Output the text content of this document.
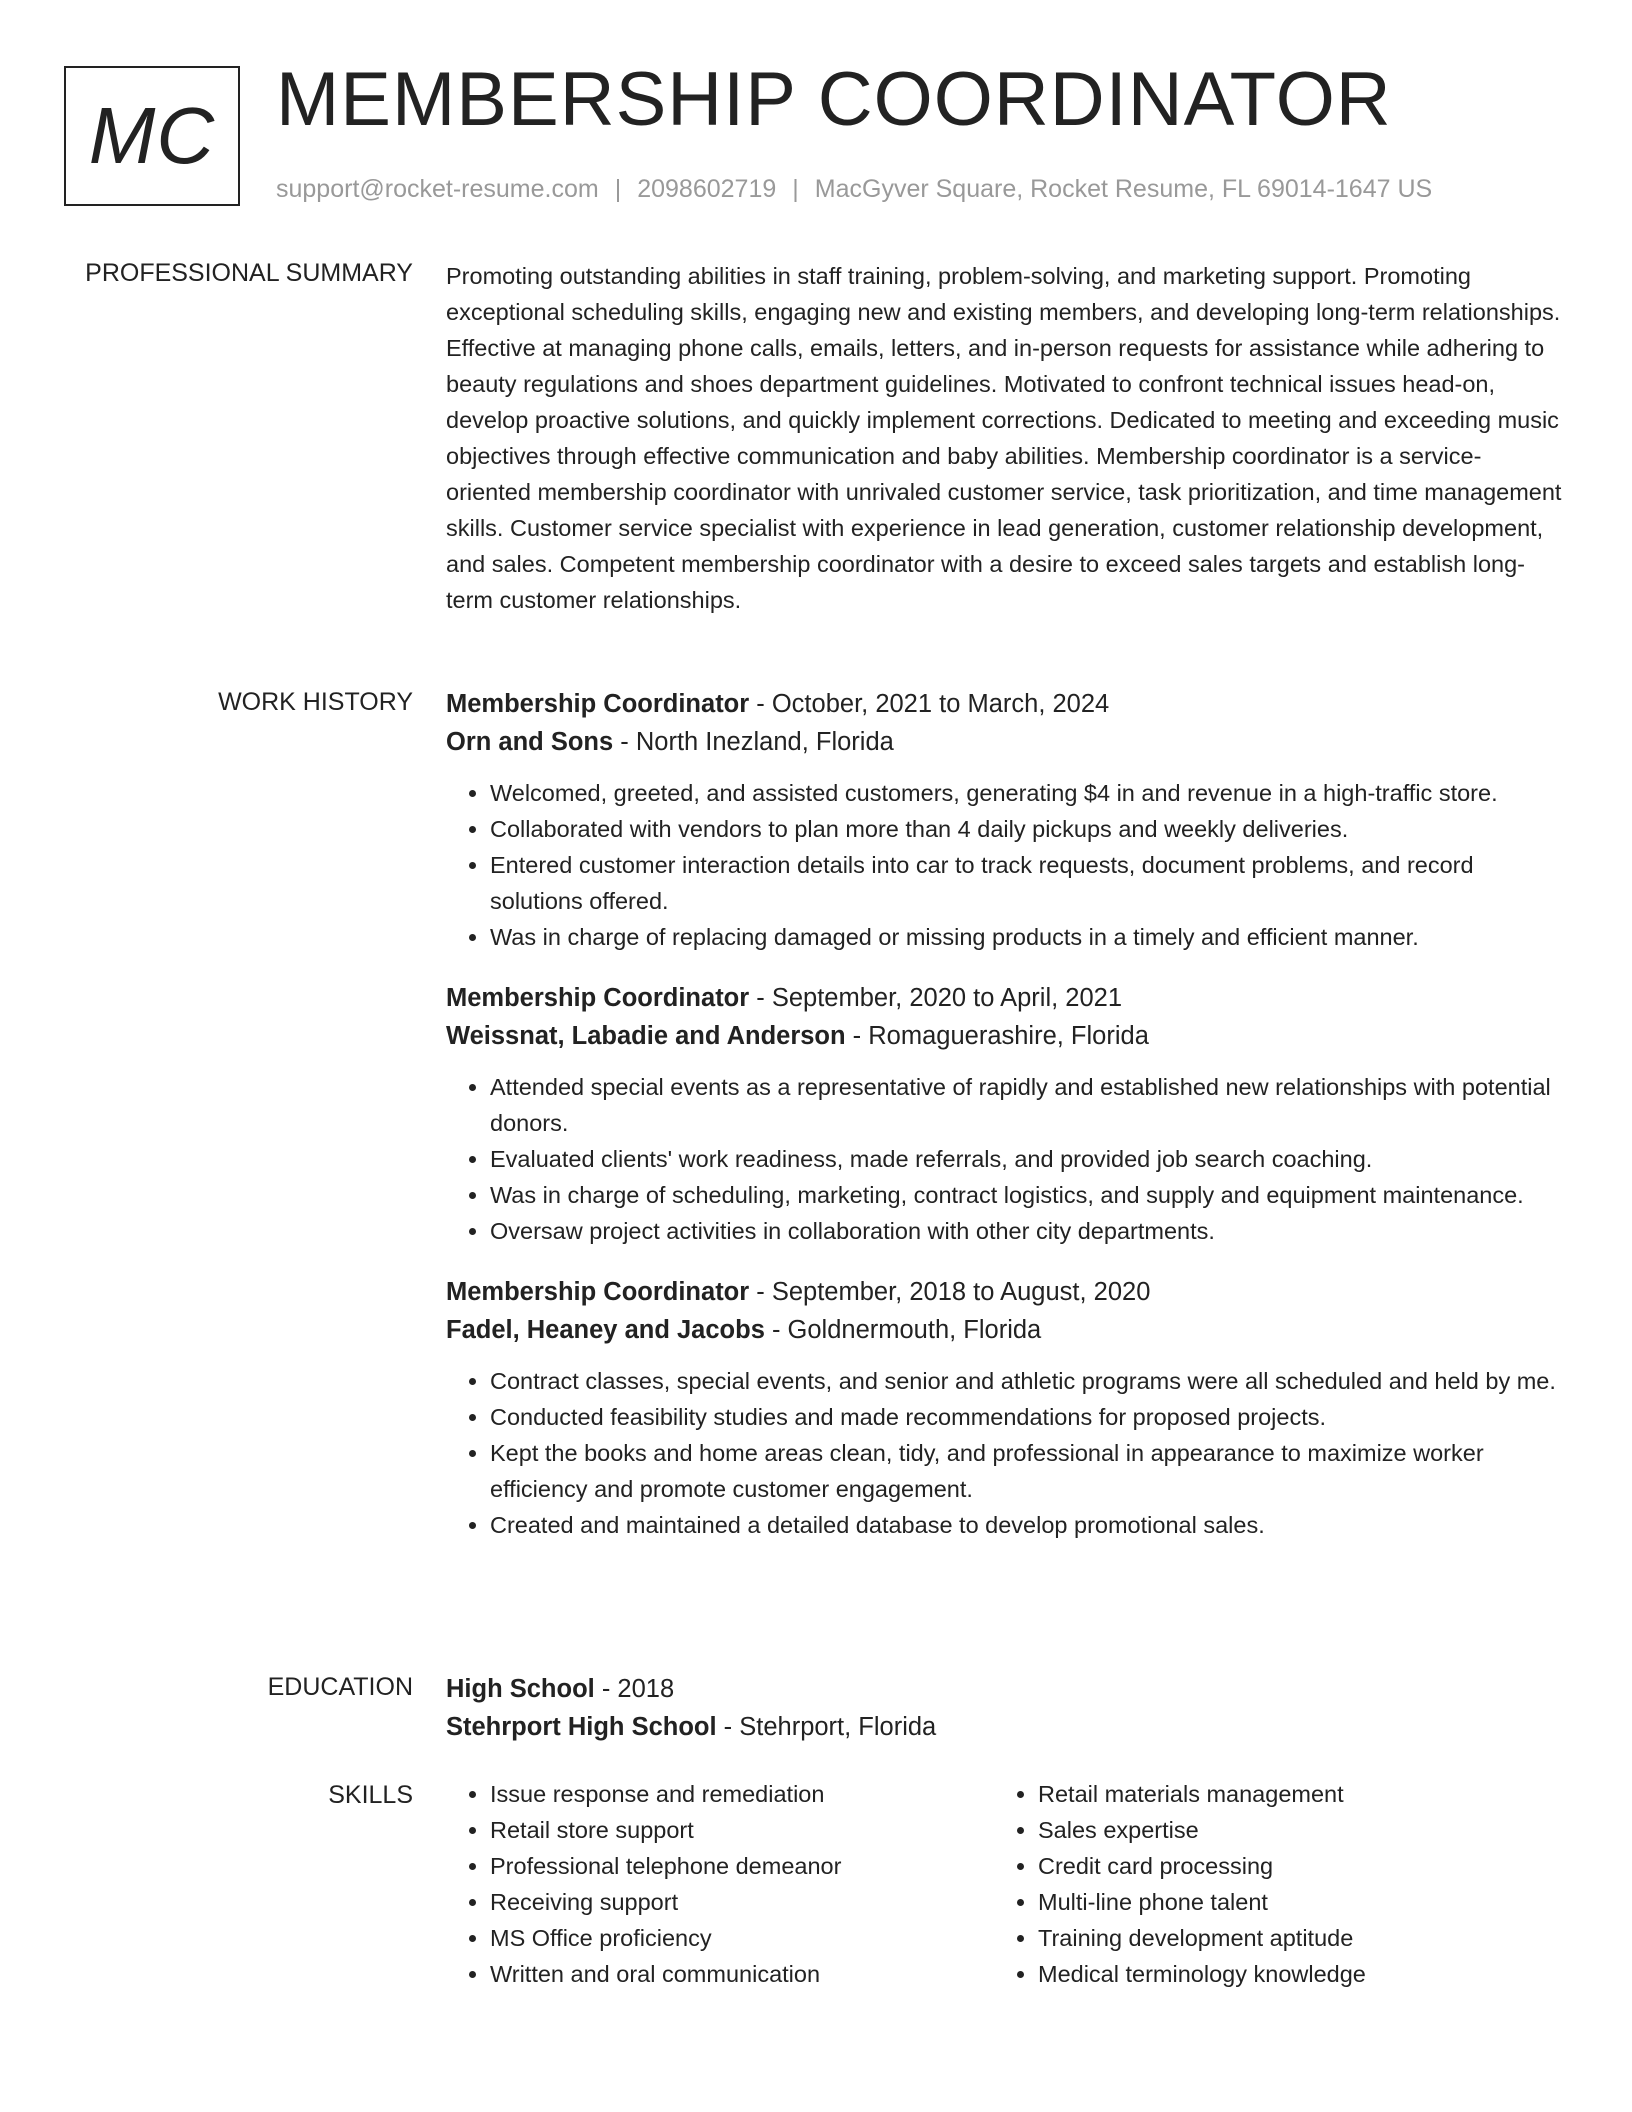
MC MEMBERSHIP COORDINATOR
support@rocket-resume.com | 2098602719 | MacGyver Square, Rocket Resume, FL 69014-1647 US
PROFESSIONAL SUMMARY Promoting outstanding abilities in staff training, problem-solving, and marketing support. Promoting exceptional scheduling skills, engaging new and existing members, and developing long-term relationships. Effective at managing phone calls, emails, letters, and in-person requests for assistance while adhering to beauty regulations and shoes department guidelines. Motivated to confront technical issues head-on, develop proactive solutions, and quickly implement corrections. Dedicated to meeting and exceeding music objectives through effective communication and baby abilities. Membership coordinator is a service-oriented membership coordinator with unrivaled customer service, task prioritization, and time management skills. Customer service specialist with experience in lead generation, customer relationship development, and sales. Competent membership coordinator with a desire to exceed sales targets and establish long-term customer relationships.

WORK HISTORY Membership Coordinator - October, 2021 to March, 2024
Orn and Sons - North Inezland, Florida
• Welcomed, greeted, and assisted customers, generating $4 in and revenue in a high-traffic store.
• Collaborated with vendors to plan more than 4 daily pickups and weekly deliveries.
• Entered customer interaction details into car to track requests, document problems, and record solutions offered.
• Was in charge of replacing damaged or missing products in a timely and efficient manner.
Membership Coordinator - September, 2020 to April, 2021
Weissnat, Labadie and Anderson - Romaguerashire, Florida
• Attended special events as a representative of rapidly and established new relationships with potential donors.
• Evaluated clients' work readiness, made referrals, and provided job search coaching.
• Was in charge of scheduling, marketing, contract logistics, and supply and equipment maintenance.
• Oversaw project activities in collaboration with other city departments.
Membership Coordinator - September, 2018 to August, 2020
Fadel, Heaney and Jacobs - Goldnermouth, Florida
• Contract classes, special events, and senior and athletic programs were all scheduled and held by me.
• Conducted feasibility studies and made recommendations for proposed projects.
• Kept the books and home areas clean, tidy, and professional in appearance to maximize worker efficiency and promote customer engagement.
• Created and maintained a detailed database to develop promotional sales.
EDUCATION High School - 2018
Stehrport High School - Stehrport, Florida
SKILLS
•	Issue response and remediation
• Retail store support
• Professional telephone demeanor
• Receiving support
• MS Office proficiency
• Written and oral communication
• Retail materials management
• Sales expertise
• Credit card processing
• Multi-line phone talent
• Training development aptitude
• Medical terminology knowledge
